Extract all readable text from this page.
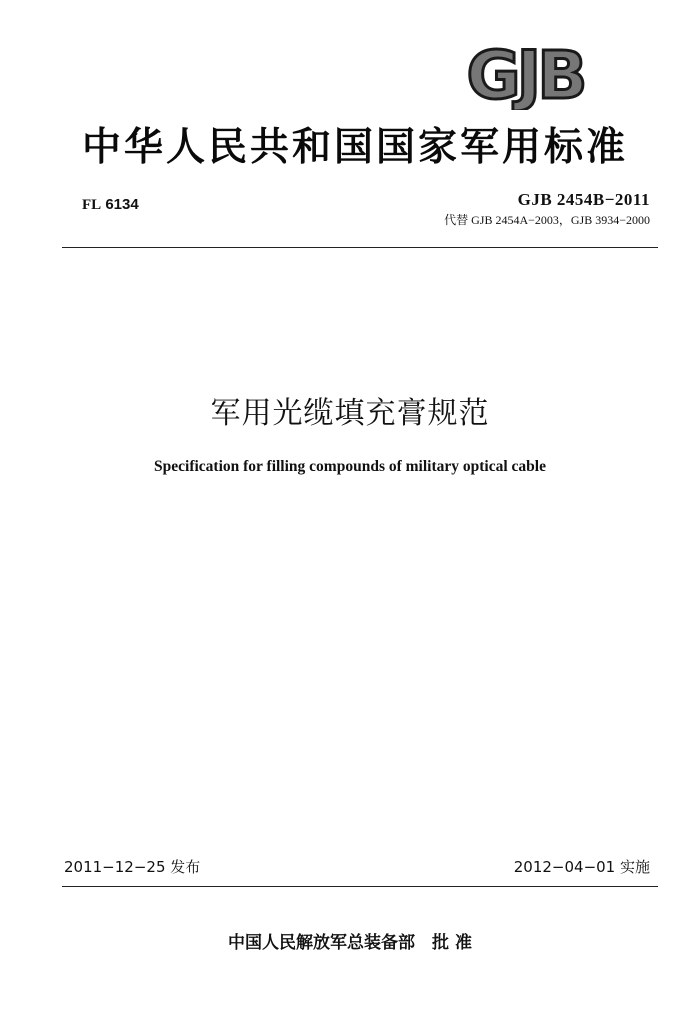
GJB
中华人民共和国国家军用标准
FL 6134	GJB 2454B−2011
代替 GJB 2454A−2003，GJB 3934−2000
军用光缆填充膏规范
Specification for filling compounds of military optical cable
2011−12−25 发布	2012−04−01 实施
中国人民解放军总装备部　批 准
